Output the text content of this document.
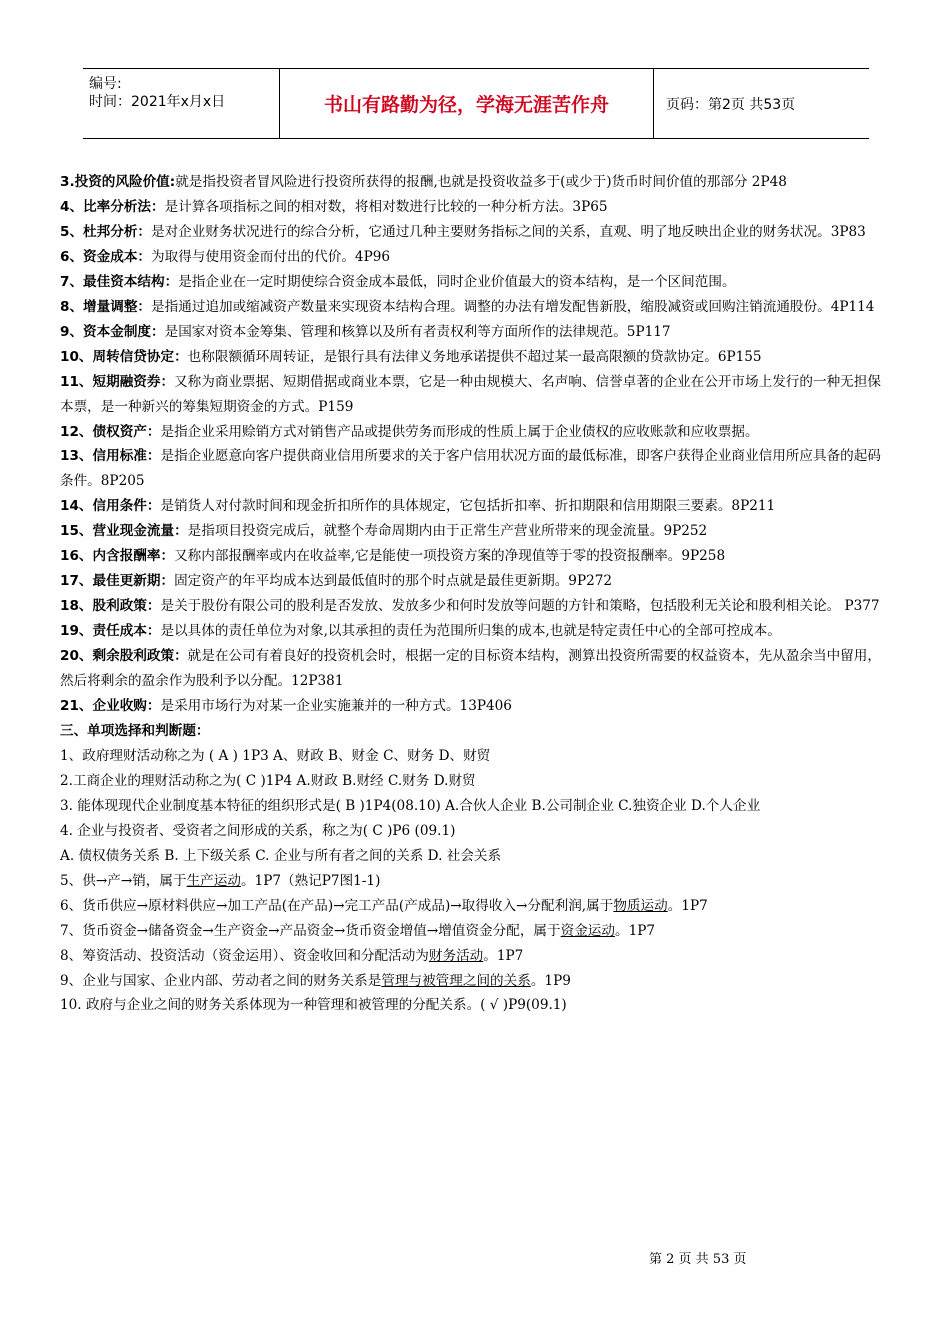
编号:
时间：2021年x月x日	书山有路勤为径，学海无涯苦作舟	页码：第2页 共53页

3.投资的风险价值:就是指投资者冒风险进行投资所获得的报酬,也就是投资收益多于(或少于)货币时间价值的那部分 2P48

4、比率分析法：是计算各项指标之间的相对数，将相对数进行比较的一种分析方法。3P65

5、杜邦分析：是对企业财务状况进行的综合分析，它通过几种主要财务指标之间的关系，直观、明了地反映出企业的财务状况。3P83

6、资金成本：为取得与使用资金而付出的代价。4P96

7、最佳资本结构：是指企业在一定时期使综合资金成本最低，同时企业价值最大的资本结构，是一个区间范围。

8、增量调整：是指通过追加或缩减资产数量来实现资本结构合理。调整的办法有增发配售新股，缩股减资或回购注销流通股份。4P114

9、资本金制度：是国家对资本金筹集、管理和核算以及所有者责权利等方面所作的法律规范。5P117

10、周转信贷协定：也称限额循环周转证，是银行具有法律义务地承诺提供不超过某一最高限额的贷款协定。6P155

11、短期融资券：又称为商业票据、短期借据或商业本票，它是一种由规模大、名声响、信誉卓著的企业在公开市场上发行的一种无担保本票，是一种新兴的筹集短期资金的方式。P159

12、债权资产：是指企业采用赊销方式对销售产品或提供劳务而形成的性质上属于企业债权的应收账款和应收票据。

13、信用标准：是指企业愿意向客户提供商业信用所要求的关于客户信用状况方面的最低标准，即客户获得企业商业信用所应具备的起码条件。8P205

14、信用条件：是销货人对付款时间和现金折扣所作的具体规定，它包括折扣率、折扣期限和信用期限三要素。8P211

15、营业现金流量：是指项目投资完成后，就整个寿命周期内由于正常生产营业所带来的现金流量。9P252

16、内含报酬率：又称内部报酬率或内在收益率,它是能使一项投资方案的净现值等于零的投资报酬率。9P258

17、最佳更新期：固定资产的年平均成本达到最低值时的那个时点就是最佳更新期。9P272

18、股利政策：是关于股份有限公司的股利是否发放、发放多少和何时发放等问题的方针和策略，包括股利无关论和股利相关论。 P377

19、责任成本：是以具体的责任单位为对象,以其承担的责任为范围所归集的成本,也就是特定责任中心的全部可控成本。

20、剩余股利政策：就是在公司有着良好的投资机会时，根据一定的目标资本结构，测算出投资所需要的权益资本，先从盈余当中留用，然后将剩余的盈余作为股利予以分配。12P381

21、企业收购：是采用市场行为对某一企业实施兼并的一种方式。13P406

三、单项选择和判断题：

1、政府理财活动称之为 ( A ) 1P3 A、财政 B、财金 C、财务 D、财贸

2.工商企业的理财活动称之为( C )1P4 A.财政 B.财经 C.财务 D.财贸

3. 能体现现代企业制度基本特征的组织形式是( B )1P4(08.10) A.合伙人企业 B.公司制企业 C.独资企业 D.个人企业

4. 企业与投资者、受资者之间形成的关系，称之为( C )P6 (09.1)

A. 债权债务关系 B. 上下级关系 C. 企业与所有者之间的关系 D. 社会关系

5、供→产→销，属于生产运动。1P7（熟记P7图1-1)

6、货币供应→原材料供应→加工产品(在产品)→完工产品(产成品)→取得收入→分配利润,属于物质运动。1P7

7、货币资金→储备资金→生产资金→产品资金→货币资金增值→增值资金分配，属于资金运动。1P7

8、筹资活动、投资活动（资金运用）、资金收回和分配活动为财务活动。1P7

9、企业与国家、企业内部、劳动者之间的财务关系是管理与被管理之间的关系。1P9

10. 政府与企业之间的财务关系体现为一种管理和被管理的分配关系。( √ )P9(09.1)

第 2 页 共 53 页
